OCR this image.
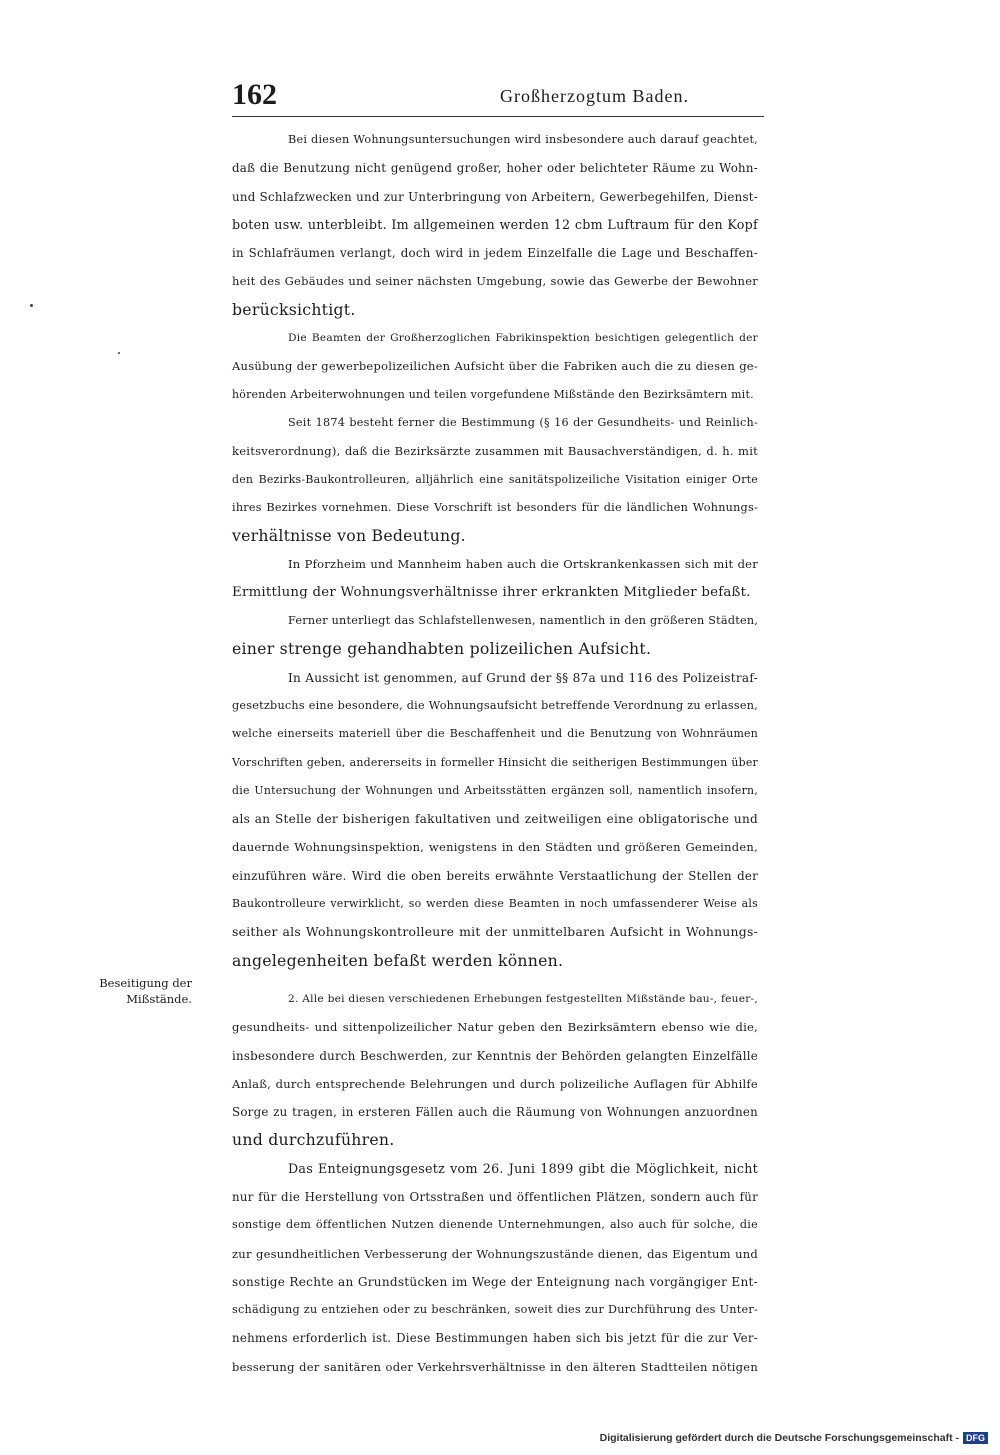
162	Großherzogtum Baden.
Beseitigung der
Mißstände.
Bei diesen Wohnungsuntersuchungen wird insbesondere auch darauf geachtet,
daß die Benutzung nicht genügend großer, hoher oder belichteter Räume zu Wohn-
und Schlafzwecken und zur Unterbringung von Arbeitern, Gewerbegehilfen, Dienst-
boten usw. unterbleibt. Im allgemeinen werden 12 cbm Luftraum für den Kopf
in Schlafräumen verlangt, doch wird in jedem Einzelfalle die Lage und Beschaffen-
heit des Gebäudes und seiner nächsten Umgebung, sowie das Gewerbe der Bewohner
berücksichtigt.
Die Beamten der Großherzoglichen Fabrikinspektion besichtigen gelegentlich der
Ausübung der gewerbepolizeilichen Aufsicht über die Fabriken auch die zu diesen ge-
hörenden Arbeiterwohnungen und teilen vorgefundene Mißstände den Bezirksämtern mit.
Seit 1874 besteht ferner die Bestimmung (§ 16 der Gesundheits- und Reinlich-
keitsverordnung), daß die Bezirksärzte zusammen mit Bausachverständigen, d. h. mit
den Bezirks-Baukontrolleuren, alljährlich eine sanitätspolizeiliche Visitation einiger Orte
ihres Bezirkes vornehmen. Diese Vorschrift ist besonders für die ländlichen Wohnungs-
verhältnisse von Bedeutung.
In Pforzheim und Mannheim haben auch die Ortskrankenkassen sich mit der
Ermittlung der Wohnungsverhältnisse ihrer erkrankten Mitglieder befaßt.
Ferner unterliegt das Schlafstellenwesen, namentlich in den größeren Städten,
einer strenge gehandhabten polizeilichen Aufsicht.
In Aussicht ist genommen, auf Grund der §§ 87a und 116 des Polizeistraf-
gesetzbuchs eine besondere, die Wohnungsaufsicht betreffende Verordnung zu erlassen,
welche einerseits materiell über die Beschaffenheit und die Benutzung von Wohnräumen
Vorschriften geben, andererseits in formeller Hinsicht die seitherigen Bestimmungen über
die Untersuchung der Wohnungen und Arbeitsstätten ergänzen soll, namentlich insofern,
als an Stelle der bisherigen fakultativen und zeitweiligen eine obligatorische und
dauernde Wohnungsinspektion, wenigstens in den Städten und größeren Gemeinden,
einzuführen wäre. Wird die oben bereits erwähnte Verstaatlichung der Stellen der
Baukontrolleure verwirklicht, so werden diese Beamten in noch umfassenderer Weise als
seither als Wohnungskontrolleure mit der unmittelbaren Aufsicht in Wohnungs-
angelegenheiten befaßt werden können.
2. Alle bei diesen verschiedenen Erhebungen festgestellten Mißstände bau-, feuer-,
gesundheits- und sittenpolizeilicher Natur geben den Bezirksämtern ebenso wie die,
insbesondere durch Beschwerden, zur Kenntnis der Behörden gelangten Einzelfälle
Anlaß, durch entsprechende Belehrungen und durch polizeiliche Auflagen für Abhilfe
Sorge zu tragen, in ersteren Fällen auch die Räumung von Wohnungen anzuordnen
und durchzuführen.
Das Enteignungsgesetz vom 26. Juni 1899 gibt die Möglichkeit, nicht
nur für die Herstellung von Ortsstraßen und öffentlichen Plätzen, sondern auch für
sonstige dem öffentlichen Nutzen dienende Unternehmungen, also auch für solche, die
zur gesundheitlichen Verbesserung der Wohnungszustände dienen, das Eigentum und
sonstige Rechte an Grundstücken im Wege der Enteignung nach vorgängiger Ent-
schädigung zu entziehen oder zu beschränken, soweit dies zur Durchführung des Unter-
nehmens erforderlich ist. Diese Bestimmungen haben sich bis jetzt für die zur Ver-
besserung der sanitären oder Verkehrsverhältnisse in den älteren Stadtteilen nötigen
Digitalisierung gefördert durch die Deutsche Forschungsgemeinschaft - DFG
